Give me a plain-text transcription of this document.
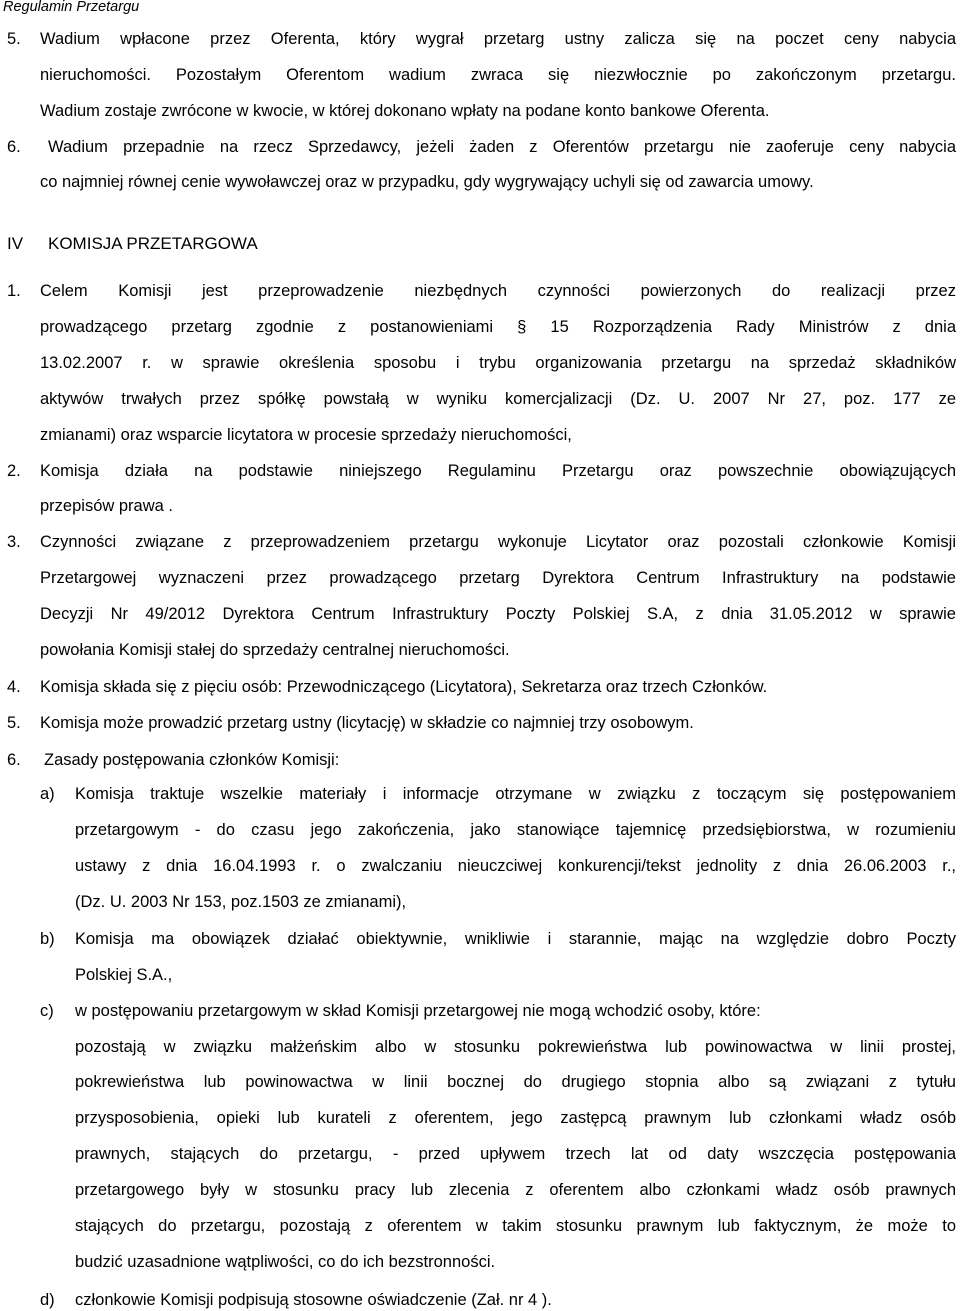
Regulamin Przetargu
5. Wadium wpłacone przez Oferenta, który wygrał przetarg ustny zalicza się na poczet ceny nabycia
nieruchomości. Pozostałym Oferentom wadium zwraca się niezwłocznie po zakończonym przetargu.
Wadium zostaje zwrócone w kwocie, w której dokonano wpłaty na podane konto bankowe Oferenta.
6. Wadium przepadnie na rzecz Sprzedawcy, jeżeli żaden z Oferentów przetargu nie zaoferuje ceny nabycia
co najmniej równej cenie wywoławczej oraz w przypadku, gdy wygrywający uchyli się od zawarcia umowy.
IV KOMISJA PRZETARGOWA
1. Celem Komisji jest przeprowadzenie niezbędnych czynności powierzonych do realizacji przez
prowadzącego przetarg zgodnie z postanowieniami § 15 Rozporządzenia Rady Ministrów z dnia
13.02.2007 r. w sprawie określenia sposobu i trybu organizowania przetargu na sprzedaż składników
aktywów trwałych przez spółkę powstałą w wyniku komercjalizacji (Dz. U. 2007 Nr 27, poz. 177 ze
zmianami) oraz wsparcie licytatora w procesie sprzedaży nieruchomości,
2. Komisja działa na podstawie niniejszego Regulaminu Przetargu oraz powszechnie obowiązujących
przepisów prawa .
3. Czynności związane z przeprowadzeniem przetargu wykonuje Licytator oraz pozostali członkowie Komisji
Przetargowej wyznaczeni przez prowadzącego przetarg Dyrektora Centrum Infrastruktury na podstawie
Decyzji Nr 49/2012 Dyrektora Centrum Infrastruktury Poczty Polskiej S.A, z dnia 31.05.2012 w sprawie
powołania Komisji stałej do sprzedaży centralnej nieruchomości.
4. Komisja składa się z pięciu osób: Przewodniczącego (Licytatora), Sekretarza oraz trzech Członków.
5. Komisja może prowadzić przetarg ustny (licytację) w składzie co najmniej trzy osobowym.
6. Zasady postępowania członków Komisji:
a) Komisja traktuje wszelkie materiały i informacje otrzymane w związku z toczącym się postępowaniem
przetargowym - do czasu jego zakończenia, jako stanowiące tajemnicę przedsiębiorstwa, w rozumieniu
ustawy z dnia 16.04.1993 r. o zwalczaniu nieuczciwej konkurencji/tekst jednolity z dnia 26.06.2003 r.,
(Dz. U. 2003 Nr 153, poz.1503 ze zmianami),
b) Komisja ma obowiązek działać obiektywnie, wnikliwie i starannie, mając na względzie dobro Poczty
Polskiej S.A.,
c) w postępowaniu przetargowym w skład Komisji przetargowej nie mogą wchodzić osoby, które:
pozostają w związku małżeńskim albo w stosunku pokrewieństwa lub powinowactwa w linii prostej,
pokrewieństwa lub powinowactwa w linii bocznej do drugiego stopnia albo są związani z tytułu
przysposobienia, opieki lub kurateli z oferentem, jego zastępcą prawnym lub członkami władz osób
prawnych, stających do przetargu, - przed upływem trzech lat od daty wszczęcia postępowania
przetargowego były w stosunku pracy lub zlecenia z oferentem albo członkami władz osób prawnych
stających do przetargu, pozostają z oferentem w takim stosunku prawnym lub faktycznym, że może to
budzić uzasadnione wątpliwości, co do ich bezstronności.
d) członkowie Komisji podpisują stosowne oświadczenie (Zał. nr 4 ).
